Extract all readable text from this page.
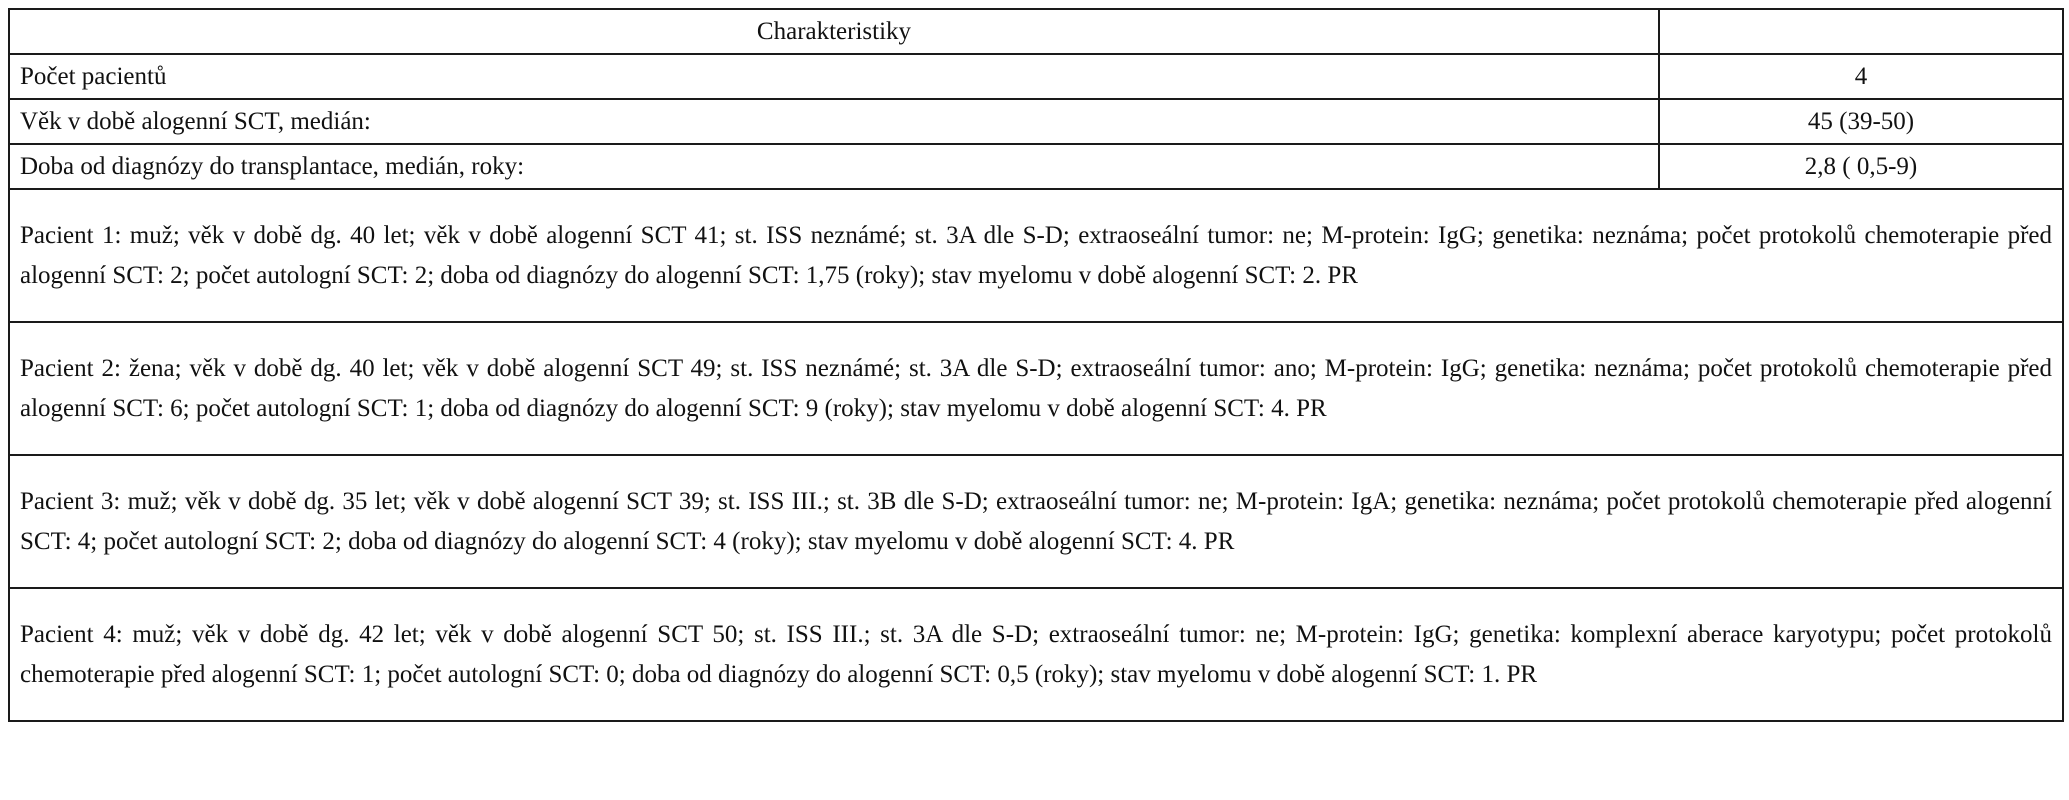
Charakteristiky	
Počet pacientů	4
Věk v době alogenní SCT, medián:	45 (39-50)
Doba od diagnózy do transplantace, medián, roky:	2,8 ( 0,5-9)
Pacient 1: muž; věk v době dg. 40 let; věk v době alogenní SCT 41; st. ISS neznámé; st. 3A dle S-D; extraoseální tumor: ne; M-protein: IgG; genetika: neznáma; počet protokolů chemoterapie před alogenní SCT: 2; počet autologní SCT: 2; doba od diagnózy do alogenní SCT: 1,75 (roky); stav myelomu v době alogenní SCT: 2. PR	
Pacient 2: žena; věk v době dg. 40 let; věk v době alogenní SCT 49; st. ISS neznámé; st. 3A dle S-D; extraoseální tumor: ano; M-protein: IgG; genetika: neznáma; počet protokolů chemoterapie před alogenní SCT: 6; počet autologní SCT: 1; doba od diagnózy do alogenní SCT: 9 (roky); stav myelomu v době alogenní SCT: 4. PR	
Pacient 3: muž; věk v době dg. 35 let; věk v době alogenní SCT 39; st. ISS III.; st. 3B dle S-D; extraoseální tumor: ne; M-protein: IgA; genetika: neznáma; počet protokolů chemoterapie před alogenní SCT: 4; počet autologní SCT: 2; doba od diagnózy do alogenní SCT: 4 (roky); stav myelomu v době alogenní SCT: 4. PR	
Pacient 4: muž; věk v době dg. 42 let; věk v době alogenní SCT 50; st. ISS III.; st. 3A dle S-D; extraoseální tumor: ne; M-protein: IgG; genetika: komplexní aberace karyotypu; počet protokolů chemoterapie před alogenní SCT: 1; počet autologní SCT: 0; doba od diagnózy do alogenní SCT: 0,5 (roky); stav myelomu v době alogenní SCT: 1. PR	
